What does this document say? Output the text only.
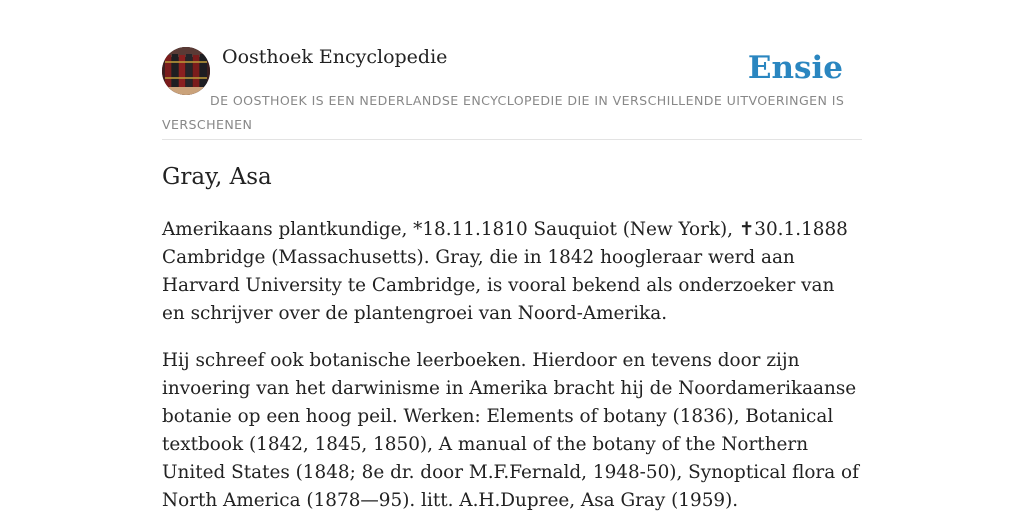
Oosthoek Encyclopedie	Ensie
DE OOSTHOEK IS EEN NEDERLANDSE ENCYCLOPEDIE DIE IN VERSCHILLENDE UITVOERINGEN IS VERSCHENEN
Gray, Asa

Amerikaans plantkundige, *18.11.1810 Sauquiot (New York), ✝30.1.1888 Cambridge (Massachusetts). Gray, die in 1842 hoogleraar werd aan Harvard University te Cambridge, is vooral bekend als onderzoeker van en schrijver over de plantengroei van Noord-Amerika.

Hij schreef ook botanische leerboeken. Hierdoor en tevens door zijn invoering van het darwinisme in Amerika bracht hij de Noordamerikaanse botanie op een hoog peil. Werken: Elements of botany (1836), Botanical textbook (1842, 1845, 1850), A manual of the botany of the Northern United States (1848; 8e dr. door M.F.Fernald, 1948-50), Synoptical flora of North America (1878—95). litt. A.H.Dupree, Asa Gray (1959).
